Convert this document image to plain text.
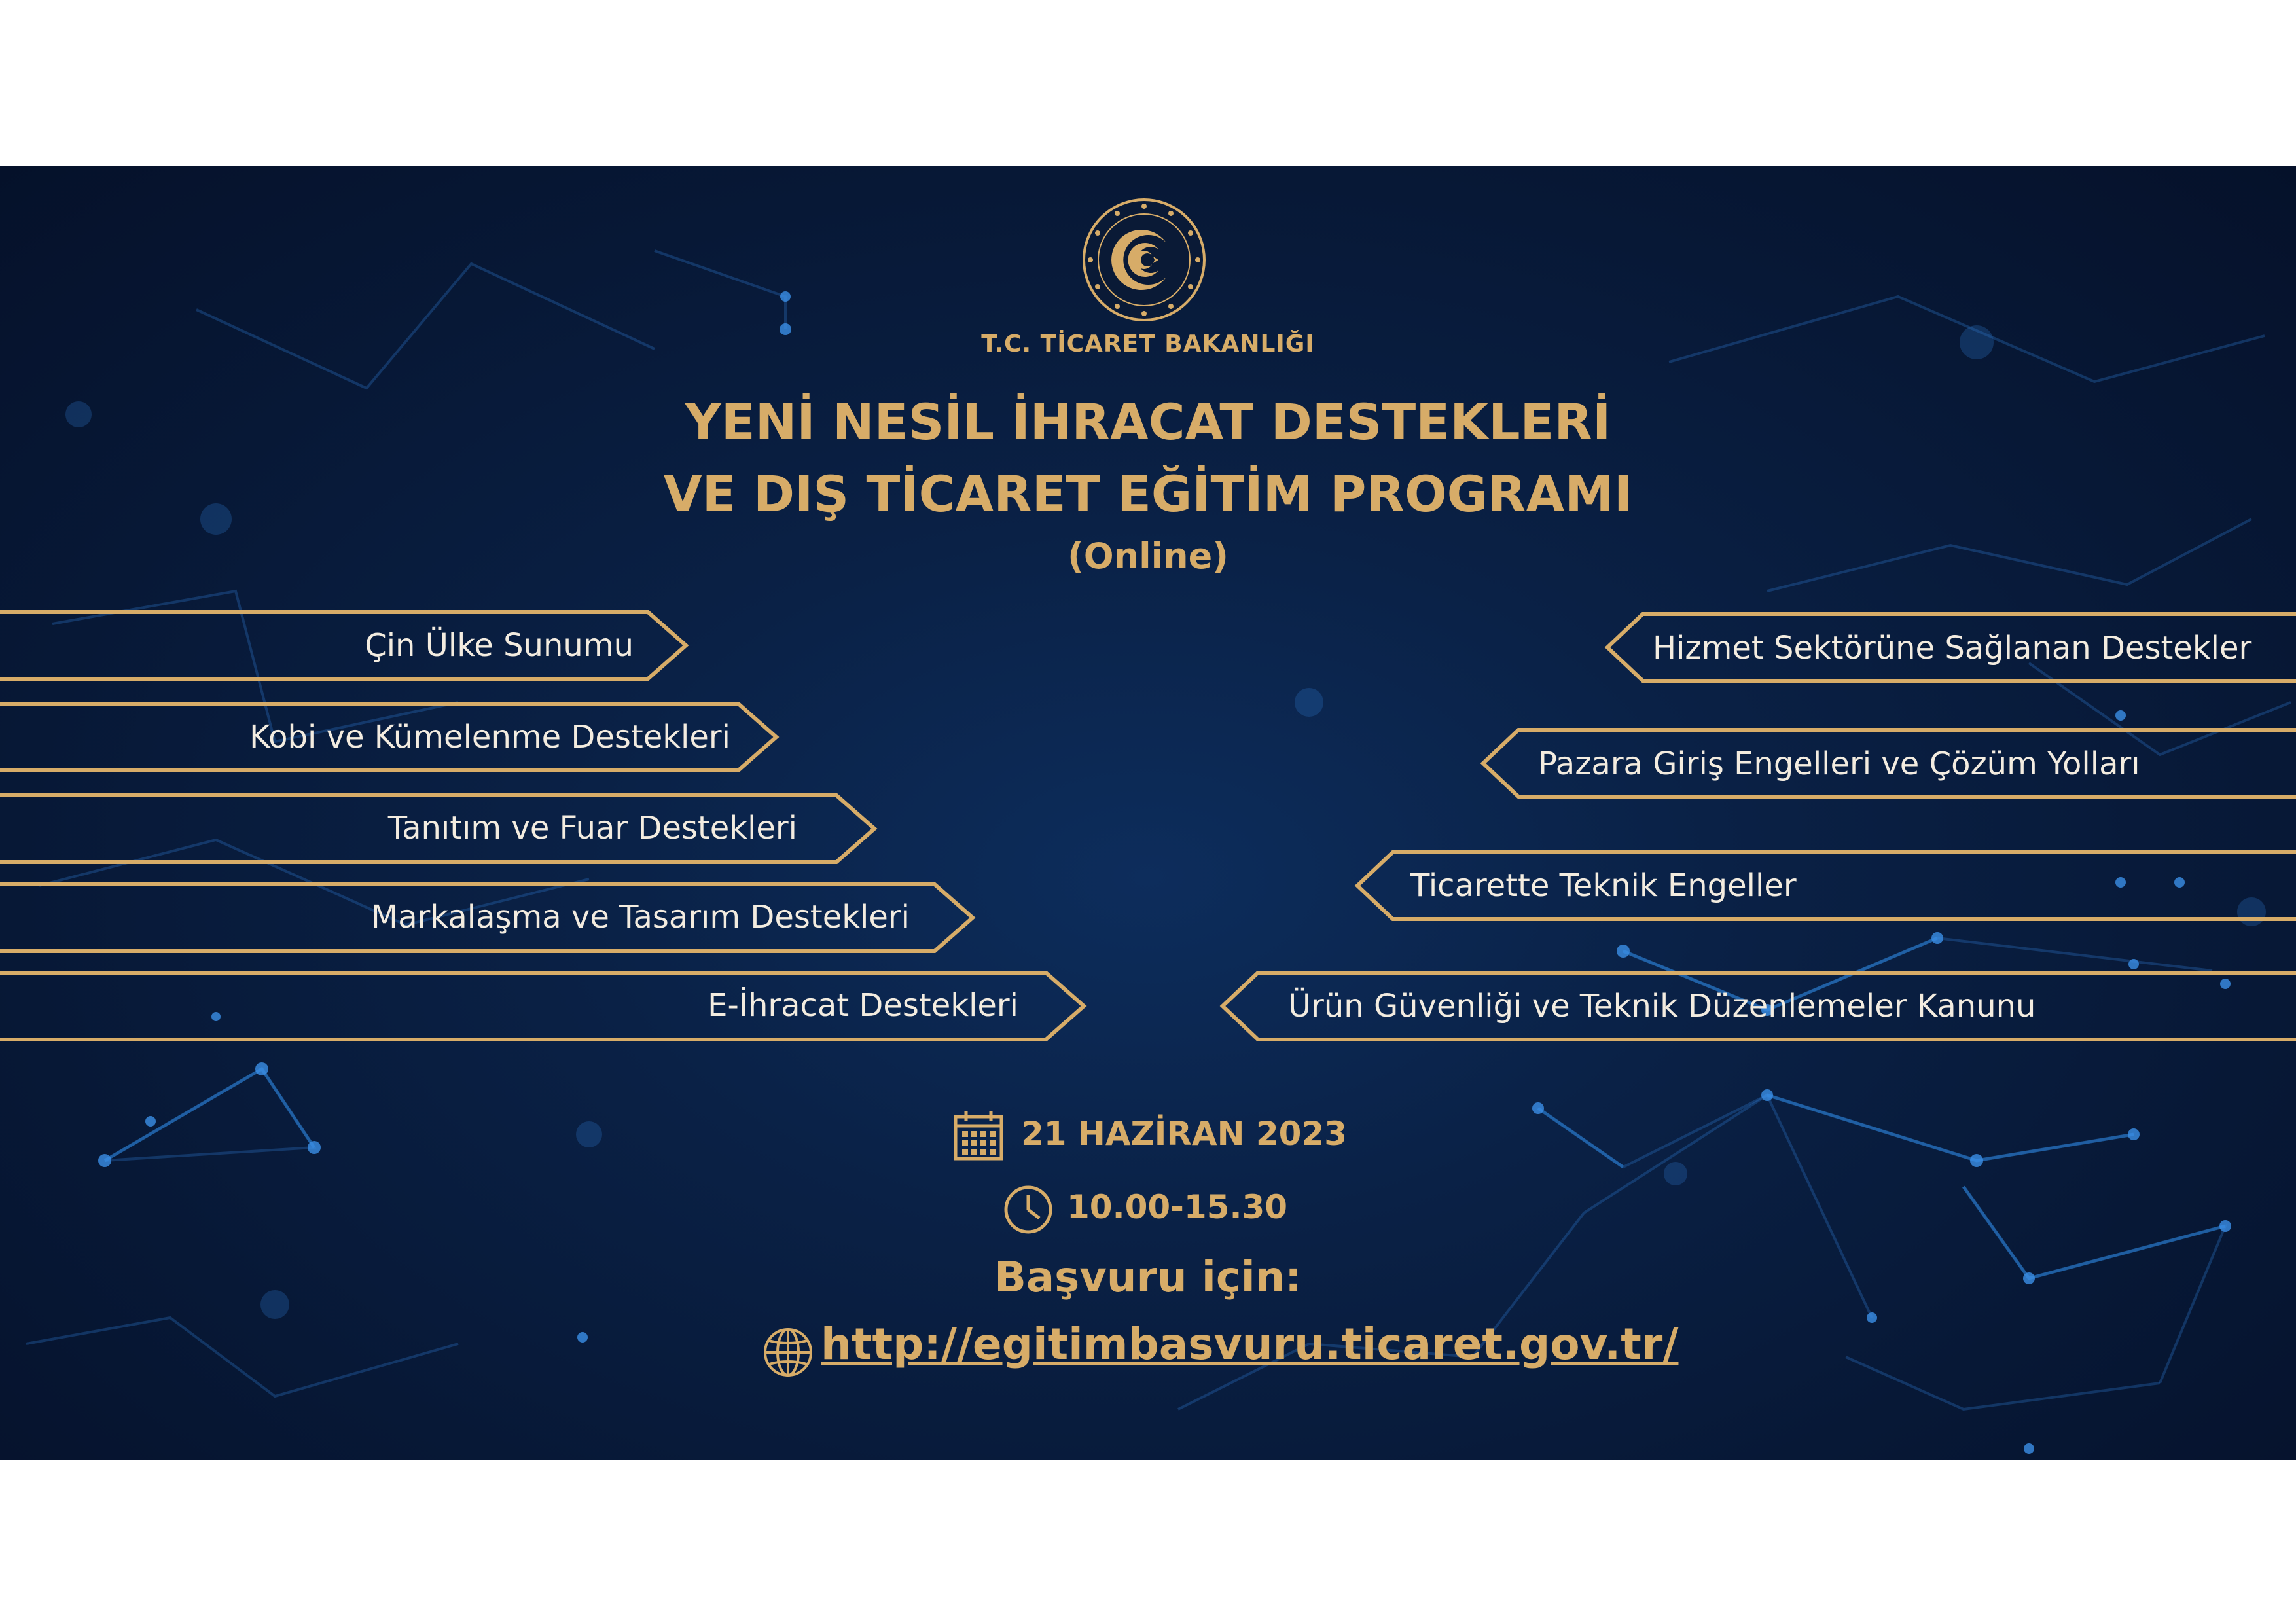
T.C. TİCARET BAKANLIĞI
YENİ NESİL İHRACAT DESTEKLERİ
VE DIŞ TİCARET EĞİTİM PROGRAMI
(Online)
Çin Ülke Sunumu
Kobi ve Kümelenme Destekleri
Tanıtım ve Fuar Destekleri
Markalaşma ve Tasarım Destekleri
E-İhracat Destekleri
Hizmet Sektörüne Sağlanan Destekler
Pazara Giriş Engelleri ve Çözüm Yolları
Ticarette Teknik Engeller
Ürün Güvenliği ve Teknik Düzenlemeler Kanunu
21 HAZİRAN 2023
10.00-15.30
Başvuru için:
http://egitimbasvuru.ticaret.gov.tr/
